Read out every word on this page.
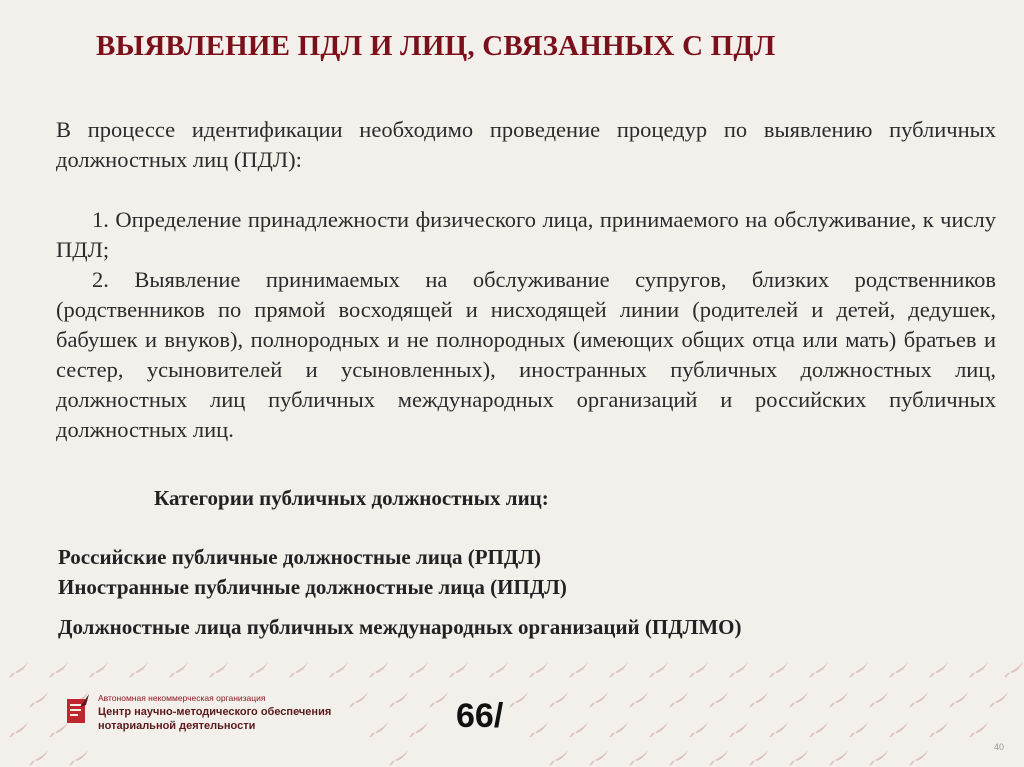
ВЫЯВЛЕНИЕ ПДЛ И ЛИЦ, СВЯЗАННЫХ С ПДЛ

В процессе идентификации необходимо проведение процедур по выявлению публичных должностных лиц (ПДЛ):

1. Определение принадлежности физического лица, принимаемого на обслуживание, к числу ПДЛ;

2. Выявление принимаемых на обслуживание супругов, близких родственников (родственников по прямой восходящей и нисходящей линии (родителей и детей, дедушек, бабушек и внуков), полнородных и не полнородных (имеющих общих отца или мать) братьев и сестер, усыновителей и усыновленных), иностранных публичных должностных лиц, должностных лиц публичных международных организаций и российских публичных должностных лиц.

Категории публичных должностных лиц:
Российские публичные должностные лица (РПДЛ)
Иностранные публичные должностные лица (ИПДЛ)
Должностные лица публичных международных организаций (ПДЛМО)
Автономная некоммерческая организация
Центр научно-методического обеспечения
нотариальной деятельности	66/
40
